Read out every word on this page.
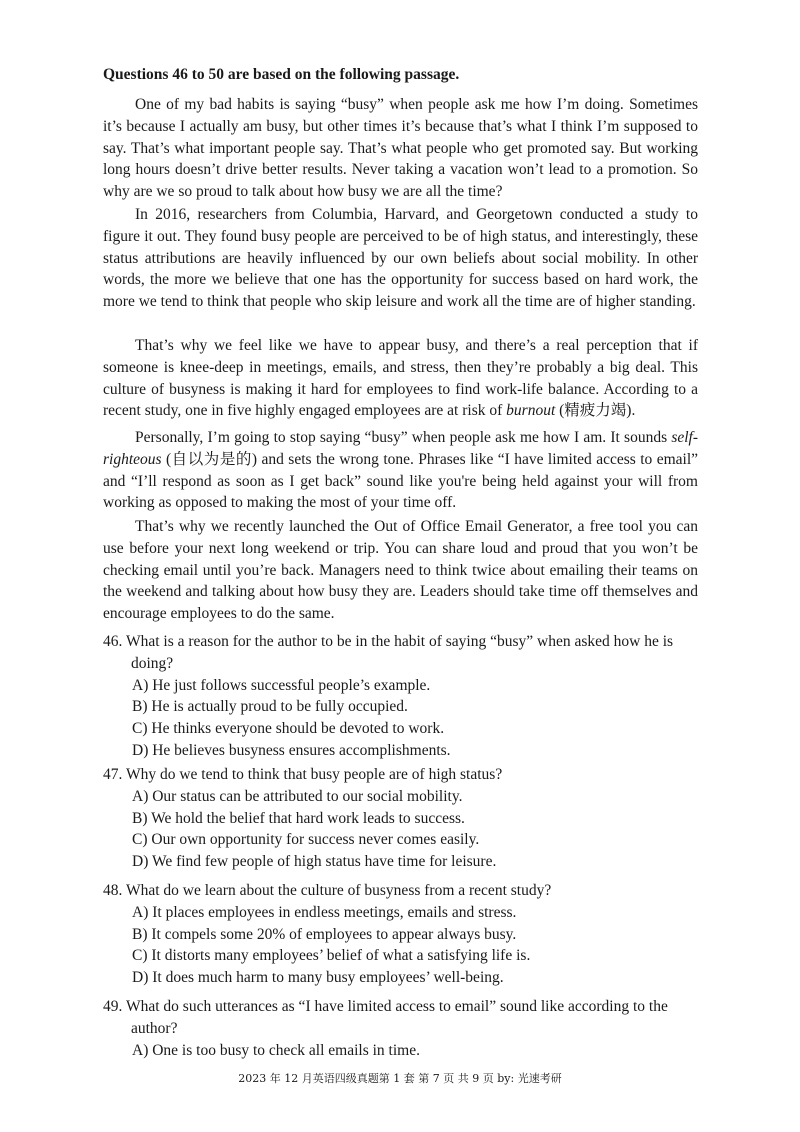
Questions 46 to 50 are based on the following passage.

One of my bad habits is saying “busy” when people ask me how I’m doing. Sometimes it’s because I actually am busy, but other times it’s because that’s what I think I’m supposed to say. That’s what important people say. That’s what people who get promoted say. But working long hours doesn’t drive better results. Never taking a vacation won’t lead to a promotion. So why are we so proud to talk about how busy we are all the time?

In 2016, researchers from Columbia, Harvard, and Georgetown conducted a study to figure it out. They found busy people are perceived to be of high status, and interestingly, these status attributions are heavily influenced by our own beliefs about social mobility. In other words, the more we believe that one has the opportunity for success based on hard work, the more we tend to think that people who skip leisure and work all the time are of higher standing.

That’s why we feel like we have to appear busy, and there’s a real perception that if someone is knee-deep in meetings, emails, and stress, then they’re probably a big deal. This culture of busyness is making it hard for employees to find work-life balance. According to a recent study, one in five highly engaged employees are at risk of burnout (精疲力竭).

Personally, I’m going to stop saying “busy” when people ask me how I am. It sounds self-righteous (自以为是的) and sets the wrong tone. Phrases like “I have limited access to email” and “I’ll respond as soon as I get back” sound like you're being held against your will from working as opposed to making the most of your time off.

That’s why we recently launched the Out of Office Email Generator, a free tool you can use before your next long weekend or trip. You can share loud and proud that you won’t be checking email until you’re back. Managers need to think twice about emailing their teams on the weekend and talking about how busy they are. Leaders should take time off themselves and encourage employees to do the same.

46. What is a reason for the author to be in the habit of saying “busy” when asked how he is doing?
A) He just follows successful people’s example.
B) He is actually proud to be fully occupied.
C) He thinks everyone should be devoted to work.
D) He believes busyness ensures accomplishments.
47. Why do we tend to think that busy people are of high status?
A) Our status can be attributed to our social mobility.
B) We hold the belief that hard work leads to success.
C) Our own opportunity for success never comes easily.
D) We find few people of high status have time for leisure.
48. What do we learn about the culture of busyness from a recent study?
A) It places employees in endless meetings, emails and stress.
B) It compels some 20% of employees to appear always busy.
C) It distorts many employees’ belief of what a satisfying life is.
D) It does much harm to many busy employees’ well-being.
49. What do such utterances as “I have limited access to email” sound like according to the author?
A) One is too busy to check all emails in time.
2023 年 12 月英语四级真题第 1 套 第 7 页 共 9 页 by: 光速考研
